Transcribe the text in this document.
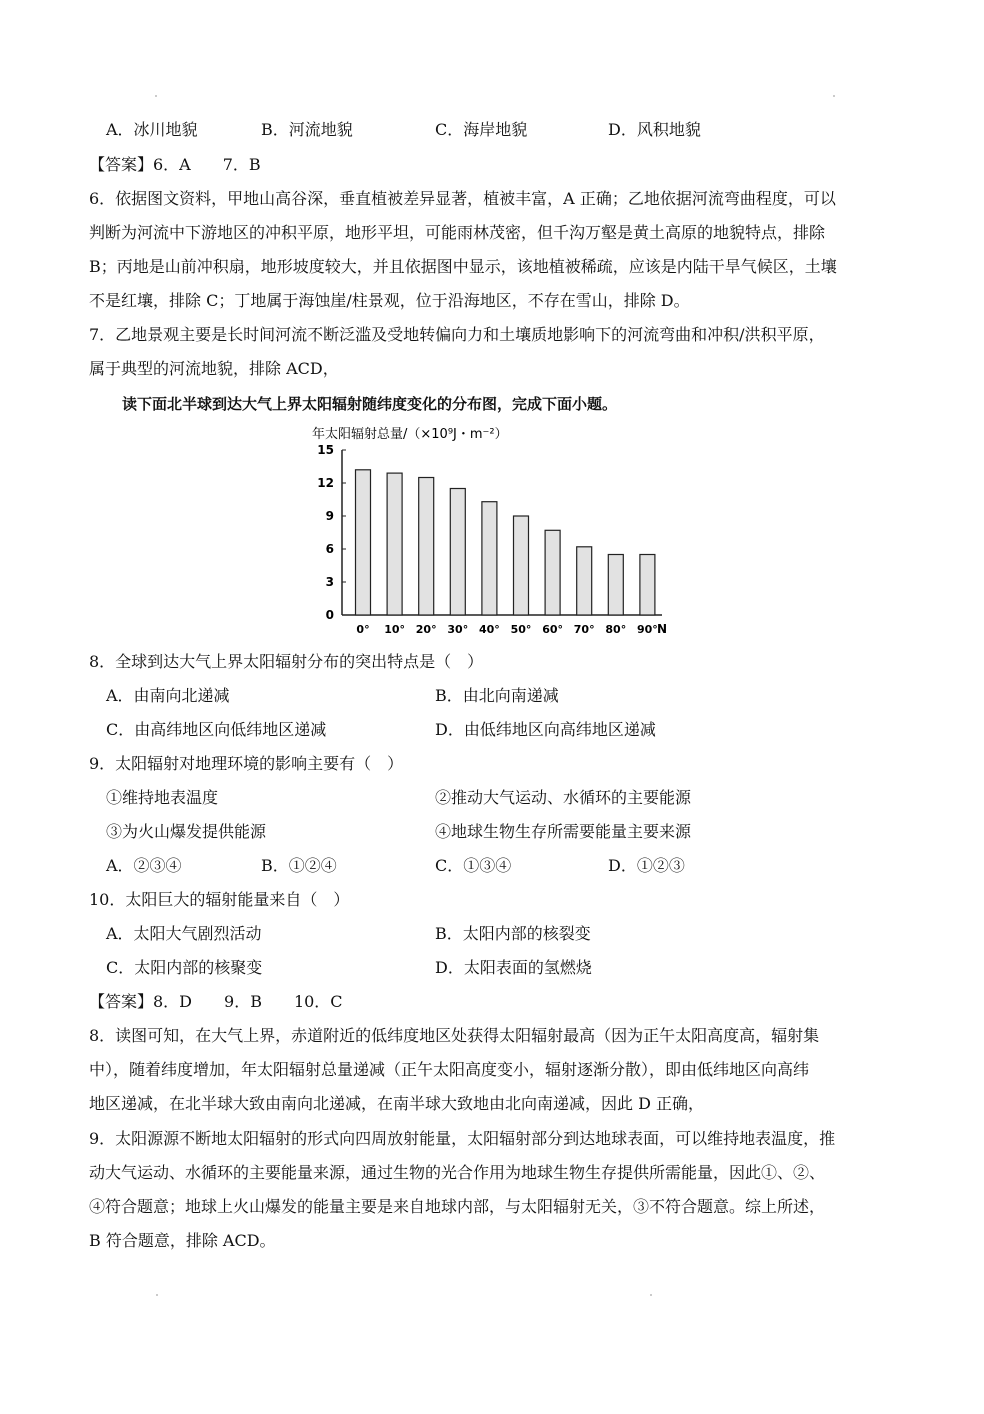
A．冰川地貌	B．河流地貌	C．海岸地貌	D．风积地貌
【答案】6．A　　7．B
6．依据图文资料，甲地山高谷深，垂直植被差异显著，植被丰富，A 正确；乙地依据河流弯曲程度，可以
判断为河流中下游地区的冲积平原，地形平坦，可能雨林茂密，但千沟万壑是黄土高原的地貌特点，排除
B；丙地是山前冲积扇，地形坡度较大，并且依据图中显示，该地植被稀疏，应该是内陆干旱气候区，土壤
不是红壤，排除 C；丁地属于海蚀崖/柱景观，位于沿海地区，不存在雪山，排除 D。
7．乙地景观主要是长时间河流不断泛滥及受地转偏向力和土壤质地影响下的河流弯曲和冲积/洪积平原，
属于典型的河流地貌，排除 ACD，
读下面北半球到达大气上界太阳辐射随纬度变化的分布图，完成下面小题。
年太阳辐射总量/（×10⁹J・m⁻²）
0
3
6
9
12
15
0° 10° 20° 30° 40° 50° 60° 70° 80° 90° N
8．全球到达大气上界太阳辐射分布的突出特点是（　）
A．由南向北递减	B．由北向南递减
C．由高纬地区向低纬地区递减	D．由低纬地区向高纬地区递减
9．太阳辐射对地理环境的影响主要有（　）
①维持地表温度	②推动大气运动、水循环的主要能源
③为火山爆发提供能源	④地球生物生存所需要能量主要来源
A．②③④	B．①②④	C．①③④	D．①②③
10．太阳巨大的辐射能量来自（　）
A．太阳大气剧烈活动	B．太阳内部的核裂变
C．太阳内部的核聚变	D．太阳表面的氢燃烧
【答案】8．D　　9．B　　10．C
8．读图可知，在大气上界，赤道附近的低纬度地区处获得太阳辐射最高（因为正午太阳高度高，辐射集
中），随着纬度增加，年太阳辐射总量递减（正午太阳高度变小，辐射逐渐分散），即由低纬地区向高纬
地区递减，在北半球大致由南向北递减，在南半球大致地由北向南递减，因此 D 正确，
9．太阳源源不断地太阳辐射的形式向四周放射能量，太阳辐射部分到达地球表面，可以维持地表温度，推
动大气运动、水循环的主要能量来源，通过生物的光合作用为地球生物生存提供所需能量，因此①、②、
④符合题意；地球上火山爆发的能量主要是来自地球内部，与太阳辐射无关，③不符合题意。综上所述，
B 符合题意，排除 ACD。
